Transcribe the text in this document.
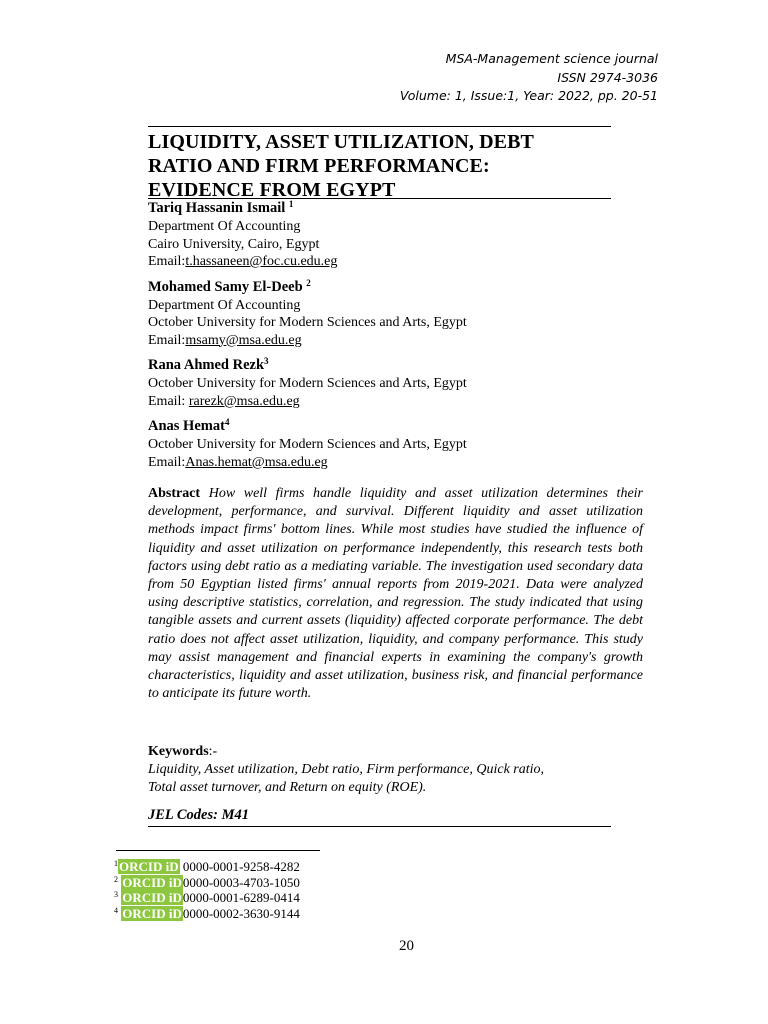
MSA-Management science journal
ISSN 2974-3036
Volume: 1, Issue:1, Year: 2022, pp. 20-51
LIQUIDITY, ASSET UTILIZATION, DEBT
RATIO AND FIRM PERFORMANCE:
EVIDENCE FROM EGYPT
Tariq Hassanin Ismail $^1$
Department Of Accounting
Cairo University, Cairo, Egypt
Email:t.hassaneen@foc.cu.edu.eg
Mohamed Samy El-Deeb $^2$
Department Of Accounting
October University for Modern Sciences and Arts, Egypt
Email:msamy@msa.edu.eg
Rana Ahmed Rezk$^3$
October University for Modern Sciences and Arts, Egypt
Email: rarezk@msa.edu.eg
Anas Hemat$^4$
October University for Modern Sciences and Arts, Egypt
Email:Anas.hemat@msa.edu.eg

Abstract How well firms handle liquidity and asset utilization determines their development, performance, and survival. Different liquidity and asset utilization methods impact firms' bottom lines. While most studies have studied the influence of liquidity and asset utilization on performance independently, this research tests both factors using debt ratio as a mediating variable. The investigation used secondary data from 50 Egyptian listed firms' annual reports from 2019-2021. Data were analyzed using descriptive statistics, correlation, and regression. The study indicated that using tangible assets and current assets (liquidity) affected corporate performance. The debt ratio does not affect asset utilization, liquidity, and company performance. This study may assist management and financial experts in examining the company's growth characteristics, liquidity and asset utilization, business risk, and financial performance to anticipate its future worth.

Keywords:-
Liquidity, Asset utilization, Debt ratio, Firm performance, Quick ratio,
Total asset turnover, and Return on equity (ROE).
JEL Codes: M41
$^1$ORCID iD 0000-0001-9258-4282
$^2$ ORCID iD0000-0003-4703-1050
$^3$ ORCID iD0000-0001-6289-0414
$^4$ ORCID iD0000-0002-3630-9144
20
